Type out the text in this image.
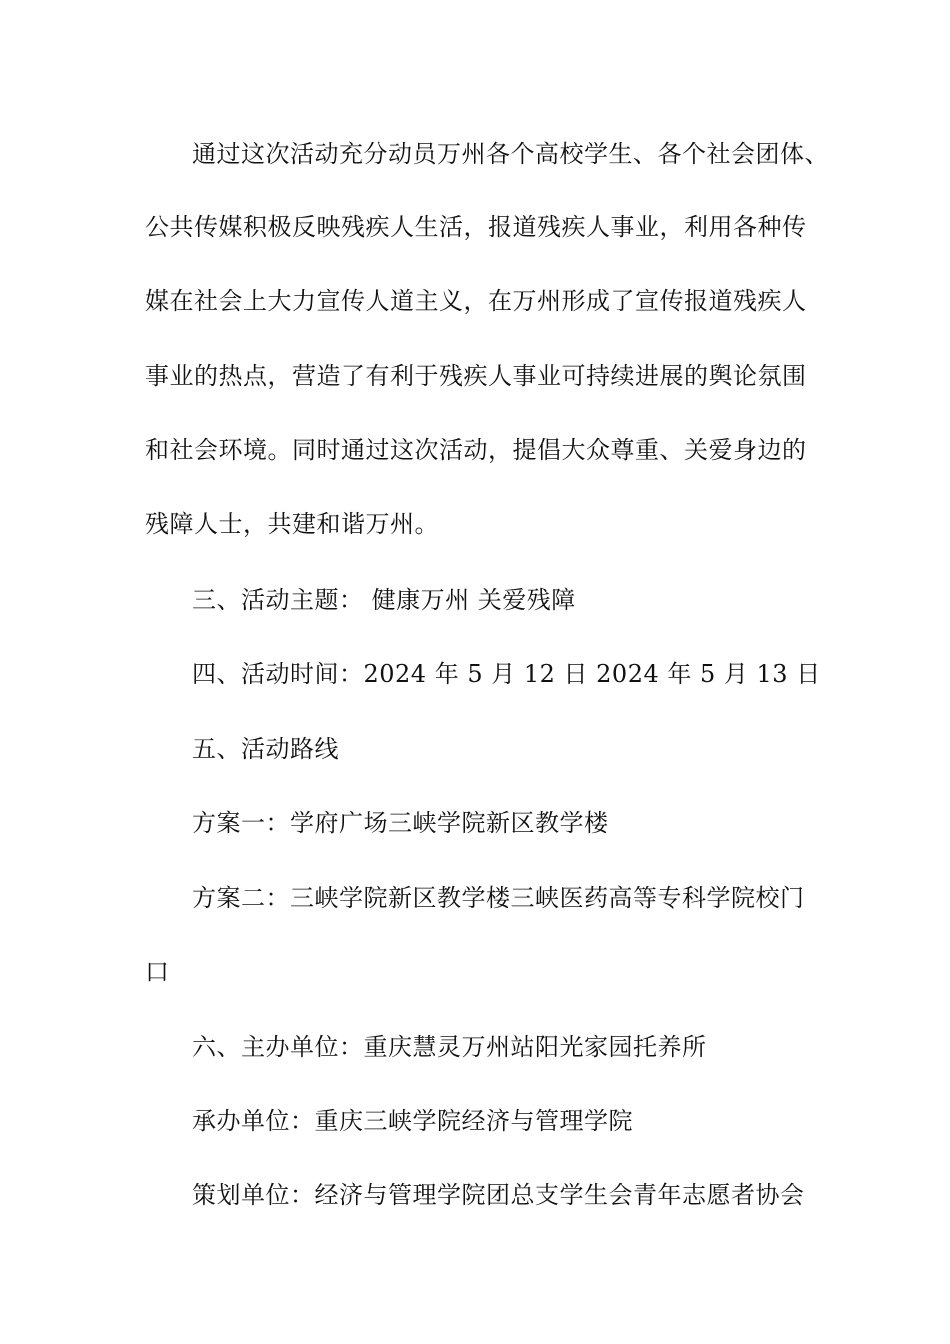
通过这次活动充分动员万州各个高校学生、各个社会团体、
公共传媒积极反映残疾人生活，报道残疾人事业，利用各种传
媒在社会上大力宣传人道主义，在万州形成了宣传报道残疾人
事业的热点，营造了有利于残疾人事业可持续进展的舆论氛围
和社会环境。同时通过这次活动，提倡大众尊重、关爱身边的
残障人士，共建和谐万州。
三、活动主题： 健康万州 关爱残障
四、活动时间：2024 年 5 月 12 日 2024 年 5 月 13 日
五、活动路线
方案一：学府广场三峡学院新区教学楼
方案二：三峡学院新区教学楼三峡医药高等专科学院校门
口
六、主办单位：重庆慧灵万州站阳光家园托养所
承办单位：重庆三峡学院经济与管理学院
策划单位：经济与管理学院团总支学生会青年志愿者协会
